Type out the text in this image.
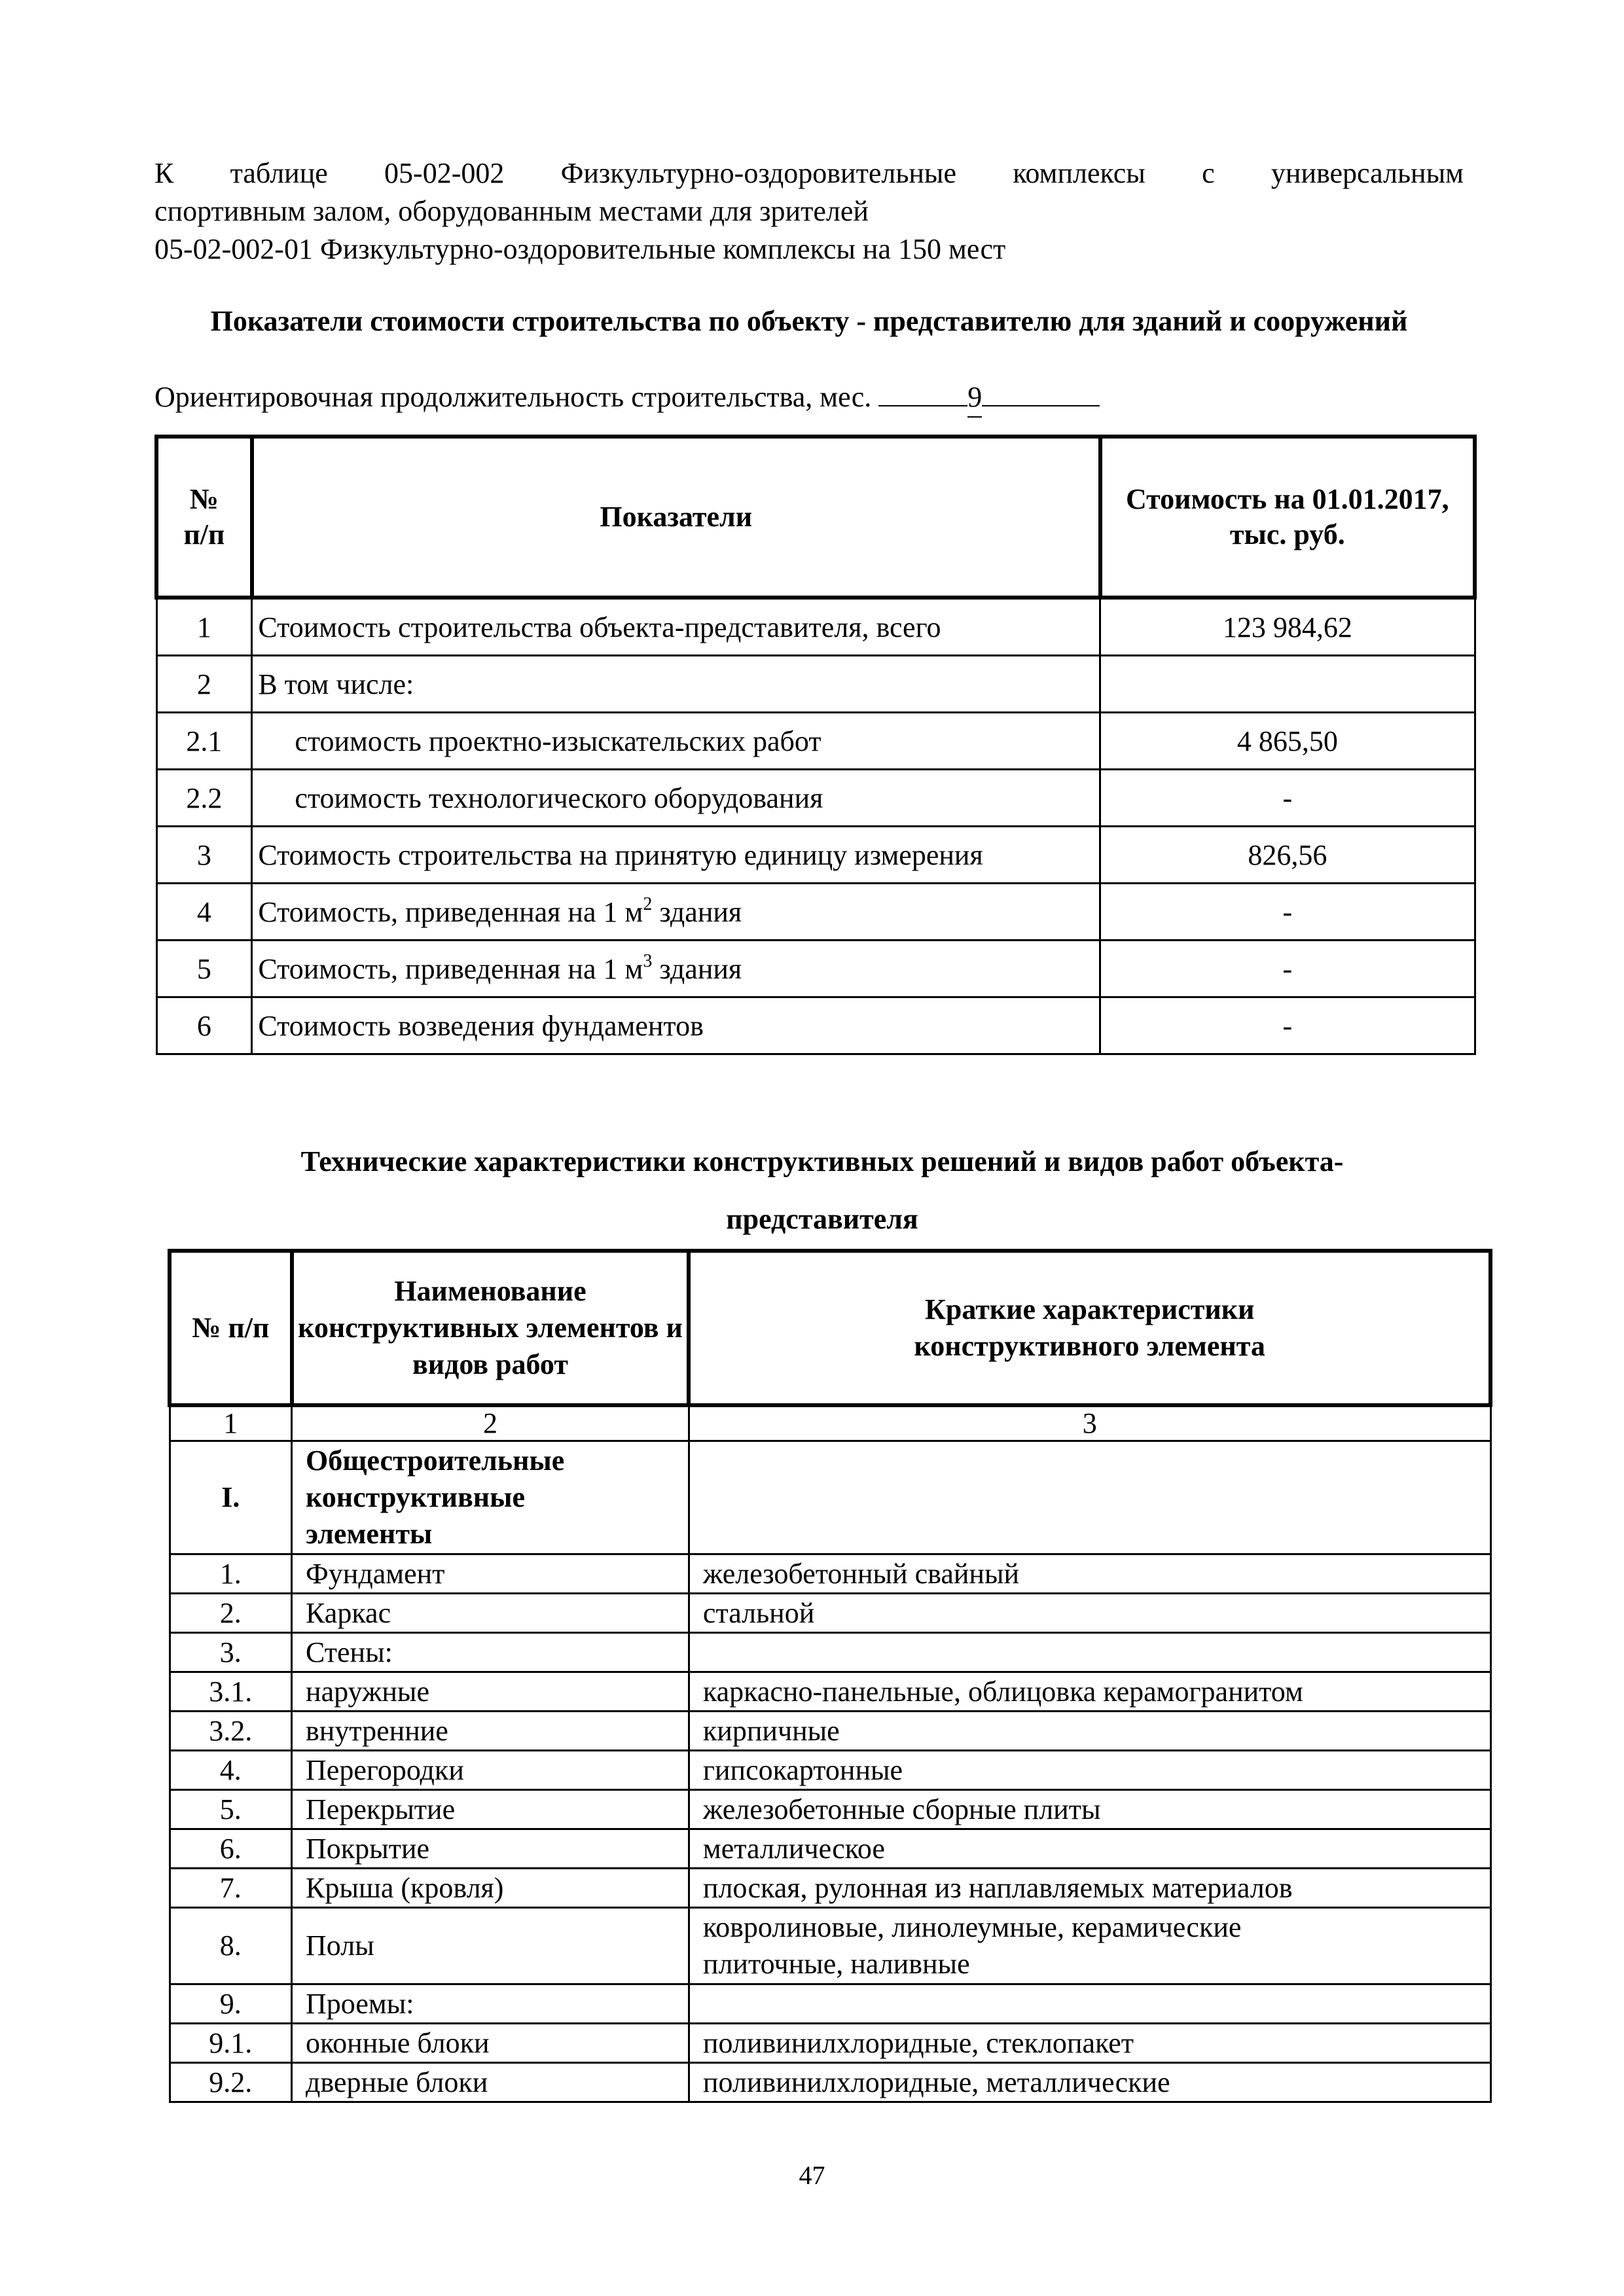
К таблице 05-02-002 Физкультурно-оздоровительные комплексы с универсальным
спортивным залом, оборудованным местами для зрителей
05-02-002-01 Физкультурно-оздоровительные комплексы на 150 мест
Показатели стоимости строительства по объекту - представителю для зданий и сооружений
Ориентировочная продолжительность строительства, мес.	9
№ п/п	Показатели	Стоимость на 01.01.2017, тыс. руб.
1	Стоимость строительства объекта-представителя, всего	123 984,62
2	В том числе:	
2.1	стоимость проектно-изыскательских работ	4 865,50
2.2	стоимость технологического оборудования	-
3	Стоимость строительства на принятую единицу измерения	826,56
4	Стоимость, приведенная на 1 $м^2$ здания	-
5	Стоимость, приведенная на 1 $м^3$ здания	-
6	Стоимость возведения фундаментов	-
Технические характеристики конструктивных решений и видов работ объекта-
представителя
№ п/п	Наименование конструктивных элементов и видов работ	Краткие характеристики конструктивного элемента
1	2	3
I.	Общестроительные конструктивные элементы	
1.	Фундамент	железобетонный свайный
2.	Каркас	стальной
3.	Стены:	
3.1.	наружные	каркасно-панельные, облицовка керамогранитом
3.2.	внутренние	кирпичные
4.	Перегородки	гипсокартонные
5.	Перекрытие	железобетонные сборные плиты
6.	Покрытие	металлическое
7.	Крыша (кровля)	плоская, рулонная из наплавляемых материалов
8.	Полы	ковролиновые, линолеумные, керамические плиточные, наливные
9.	Проемы:	
9.1.	оконные блоки	поливинилхлоридные, стеклопакет
9.2.	дверные блоки	поливинилхлоридные, металлические
47
